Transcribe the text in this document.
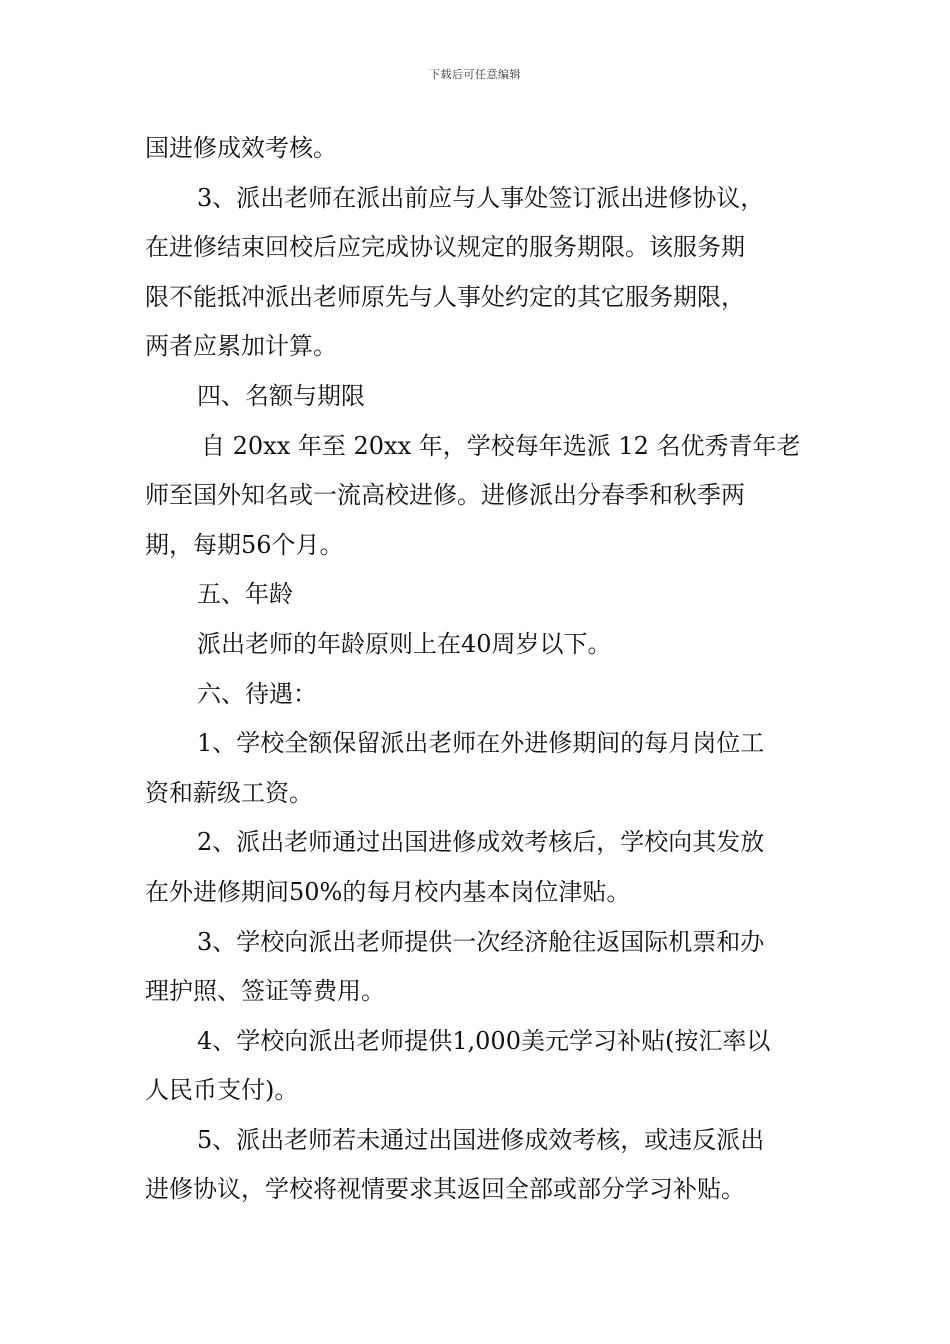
下载后可任意编辑
国进修成效考核。
3、派出老师在派出前应与人事处签订派出进修协议，
在进修结束回校后应完成协议规定的服务期限。该服务期
限不能抵冲派出老师原先与人事处约定的其它服务期限，
两者应累加计算。
四、名额与期限
自 20xx 年至 20xx 年，学校每年选派 12 名优秀青年老
师至国外知名或一流高校进修。进修派出分春季和秋季两
期，每期56个月。
五、年龄
派出老师的年龄原则上在40周岁以下。
六、待遇：
1、学校全额保留派出老师在外进修期间的每月岗位工
资和薪级工资。
2、派出老师通过出国进修成效考核后，学校向其发放
在外进修期间50%的每月校内基本岗位津贴。
3、学校向派出老师提供一次经济舱往返国际机票和办
理护照、签证等费用。
4、学校向派出老师提供1,000美元学习补贴(按汇率以
人民币支付)。
5、派出老师若未通过出国进修成效考核，或违反派出
进修协议，学校将视情要求其返回全部或部分学习补贴。
